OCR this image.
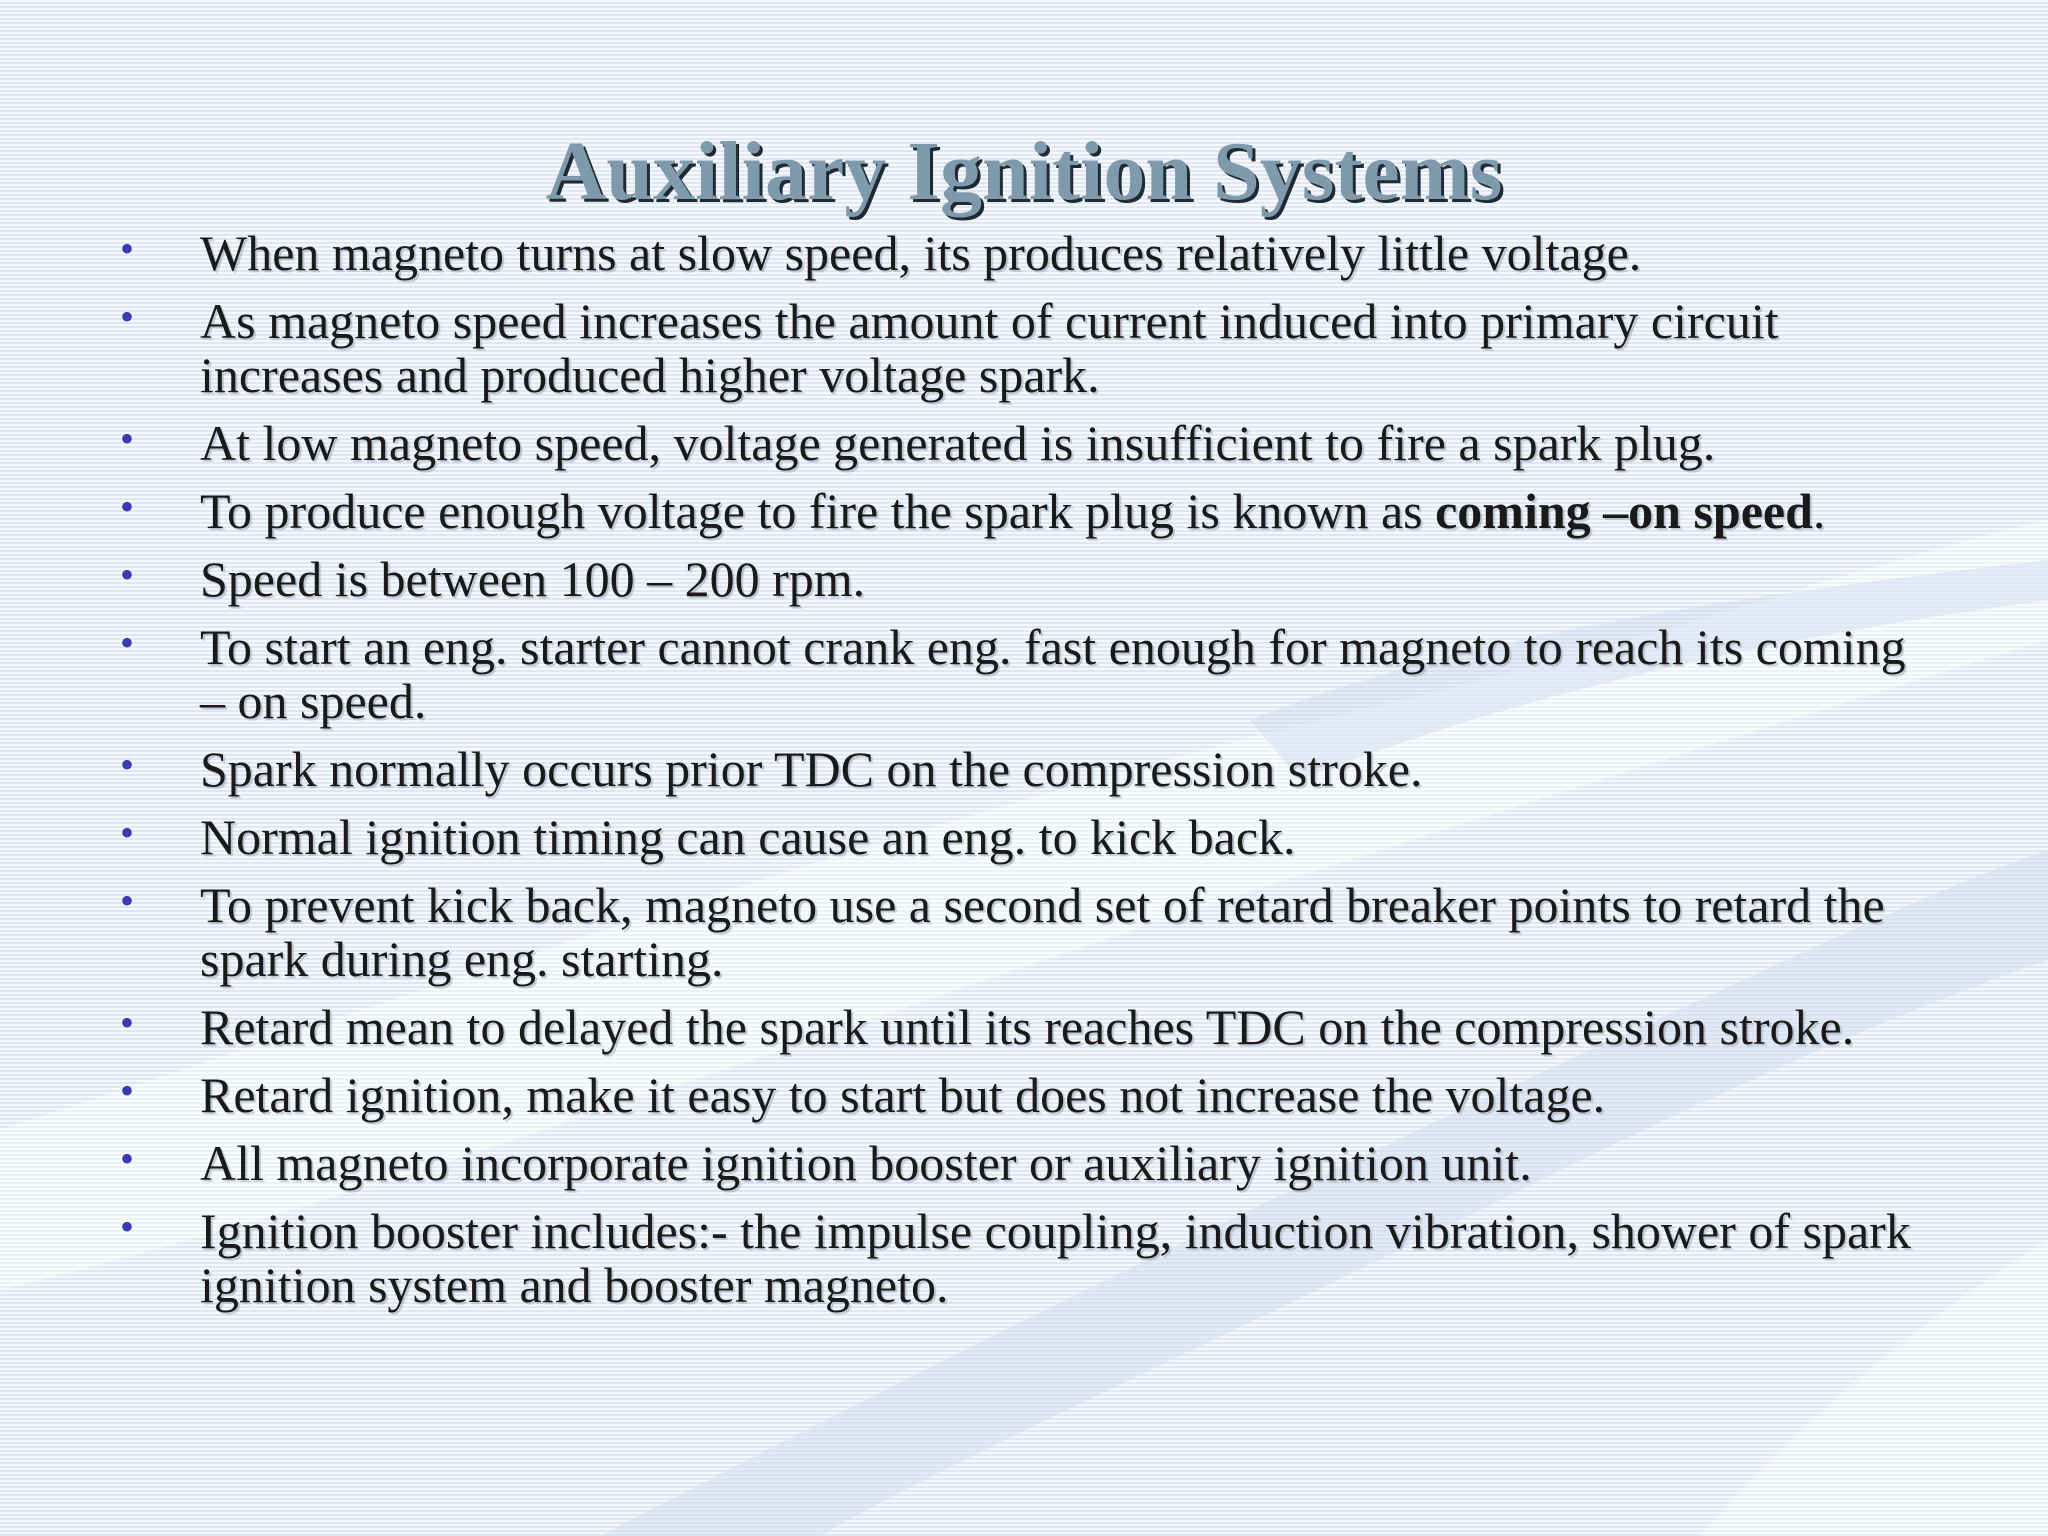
Auxiliary Ignition Systems
•	When magneto turns at slow speed, its produces relatively little voltage.
•	As magneto speed increases the amount of current induced into primary circuit increases and produced higher voltage spark.
•	At low magneto speed, voltage generated is insufficient to fire a spark plug.
•	To produce enough voltage to fire the spark plug is known as coming –on speed.
•	Speed is between 100 – 200 rpm.
•	To start an eng. starter cannot crank eng. fast enough for magneto to reach its coming – on speed.
•	Spark normally occurs prior TDC on the compression stroke.
•	Normal ignition timing can cause an eng. to kick back.
•	To prevent kick back, magneto use a second set of retard breaker points to retard the spark during eng. starting.
•	Retard mean to delayed the spark until its reaches TDC on the compression stroke.
•	Retard ignition, make it easy to start but does not increase the voltage.
•	All magneto incorporate ignition booster or auxiliary ignition unit.
•	Ignition booster includes:- the impulse coupling, induction vibration, shower of spark ignition system and booster magneto.
